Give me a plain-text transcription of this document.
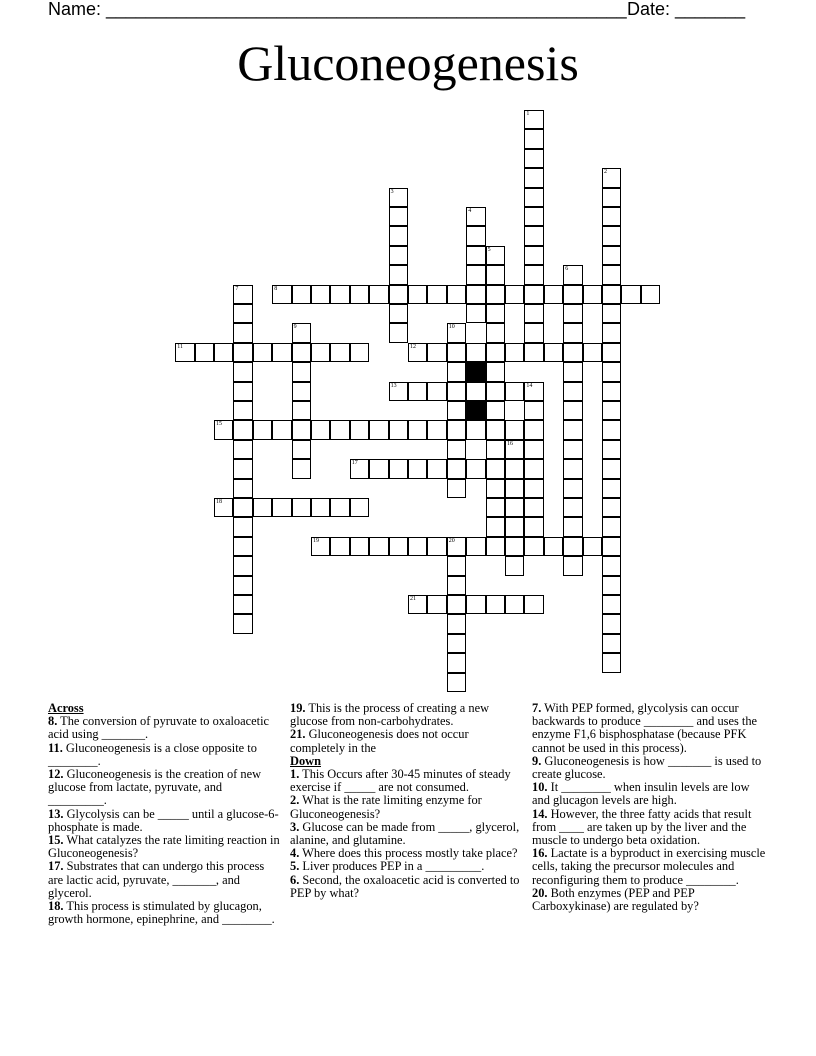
Name: ____________________________________________________ Date: _______
Gluconeogenesis
1
2
3
4
5
6
7	8
9	10
11	12
13	14
15
16
17
18
19	20
21
Across
8. The conversion of pyruvate to oxaloacetic acid using _______.
11. Gluconeogenesis is a close opposite to ________.
12. Gluconeogenesis is the creation of new glucose from lactate, pyruvate, and _________.
13. Glycolysis can be _____ until a glucose-6-phosphate is made.
15. What catalyzes the rate limiting reaction in Gluconeogenesis?
17. Substrates that can undergo this process are lactic acid, pyruvate, _______, and glycerol.
18. This process is stimulated by glucagon, growth hormone, epinephrine, and ________.
19. This is the process of creating a new glucose from non-carbohydrates.
21. Gluconeogenesis does not occur completely in the
Down
1. This Occurs after 30-45 minutes of steady exercise if _____ are not consumed.
2. What is the rate limiting enzyme for Gluconeogenesis?
3. Glucose can be made from _____, glycerol, alanine, and glutamine.
4. Where does this process mostly take place?
5. Liver produces PEP in a _________.
6. Second, the oxaloacetic acid is converted to PEP by what?
7. With PEP formed, glycolysis can occur backwards to produce ________ and uses the enzyme F1,6 bisphosphatase (because PFK cannot be used in this process).
9. Gluconeogenesis is how _______ is used to create glucose.
10. It ________ when insulin levels are low and glucagon levels are high.
14. However, the three fatty acids that result from ____ are taken up by the liver and the muscle to undergo beta oxidation.
16. Lactate is a byproduct in exercising muscle cells, taking the precursor molecules and reconfiguring them to produce ________.
20. Both enzymes (PEP and PEP Carboxykinase) are regulated by?
